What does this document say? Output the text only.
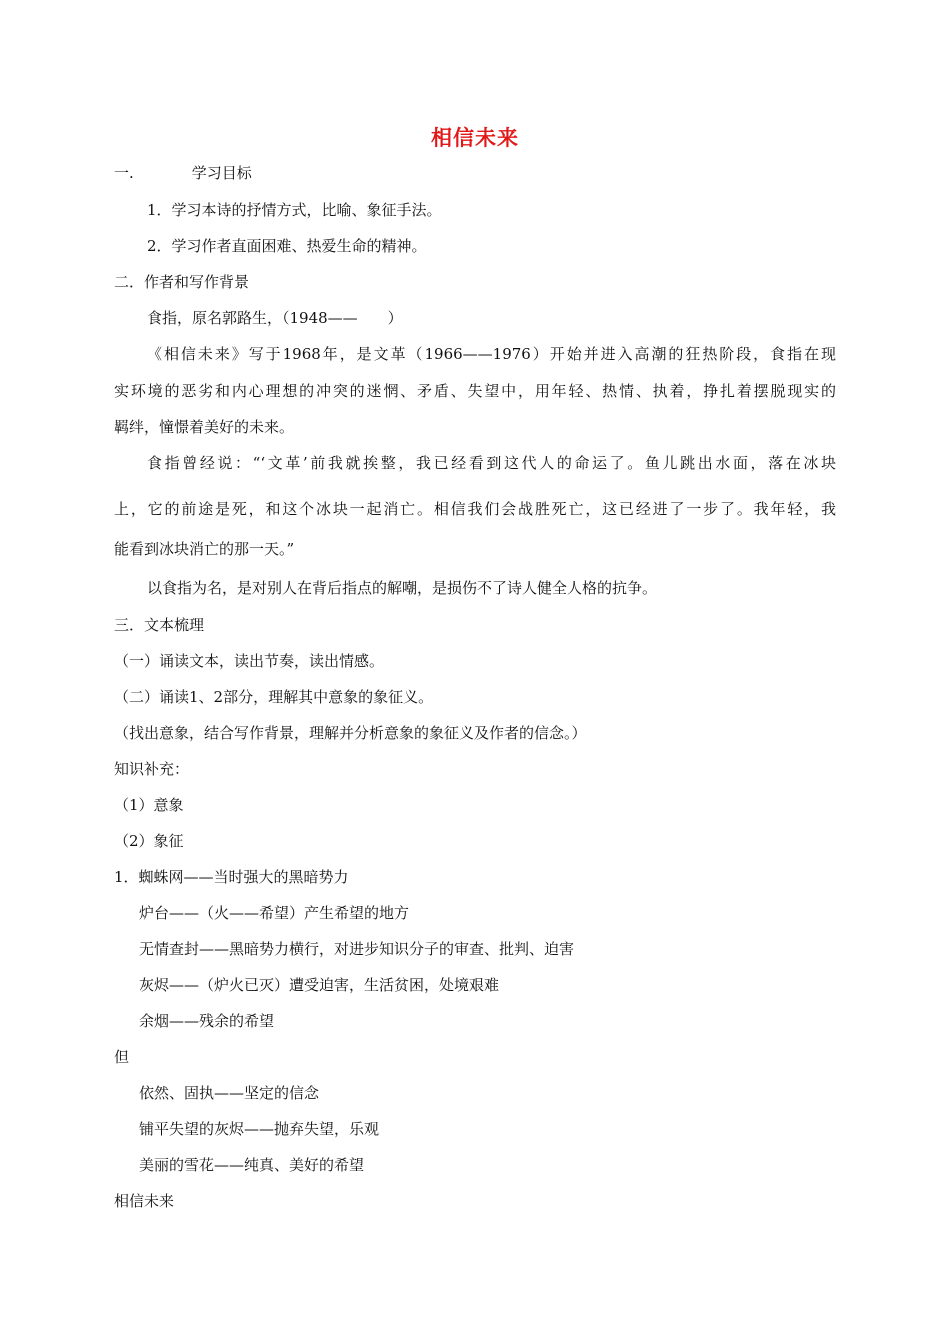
相信未来
一.	学习目标
1．学习本诗的抒情方式，比喻、象征手法。
2．学习作者直面困难、热爱生命的精神。
二．作者和写作背景
食指，原名郭路生，（1948——　　）
《相信未来》写于1968年，是文革（1966——1976）开始并进入高潮的狂热阶段，食指在现
实环境的恶劣和内心理想的冲突的迷惘、矛盾、失望中，用年轻、热情、执着，挣扎着摆脱现实的
羁绊，憧憬着美好的未来。
食指曾经说：“‘文革’前我就挨整，我已经看到这代人的命运了。鱼儿跳出水面，落在冰块
上，它的前途是死，和这个冰块一起消亡。相信我们会战胜死亡，这已经进了一步了。我年轻，我
能看到冰块消亡的那一天。”
以食指为名，是对别人在背后指点的解嘲，是损伤不了诗人健全人格的抗争。
三．文本梳理
（一）诵读文本，读出节奏，读出情感。
（二）诵读1、2部分，理解其中意象的象征义。
（找出意象，结合写作背景，理解并分析意象的象征义及作者的信念。）
知识补充：
（1）意象
（2）象征
1．蜘蛛网——当时强大的黑暗势力
炉台——（火——希望）产生希望的地方
无情查封——黑暗势力横行，对进步知识分子的审查、批判、迫害
灰烬——（炉火已灭）遭受迫害，生活贫困，处境艰难
余烟——残余的希望
但
依然、固执——坚定的信念
铺平失望的灰烬——抛弃失望，乐观
美丽的雪花——纯真、美好的希望
相信未来
